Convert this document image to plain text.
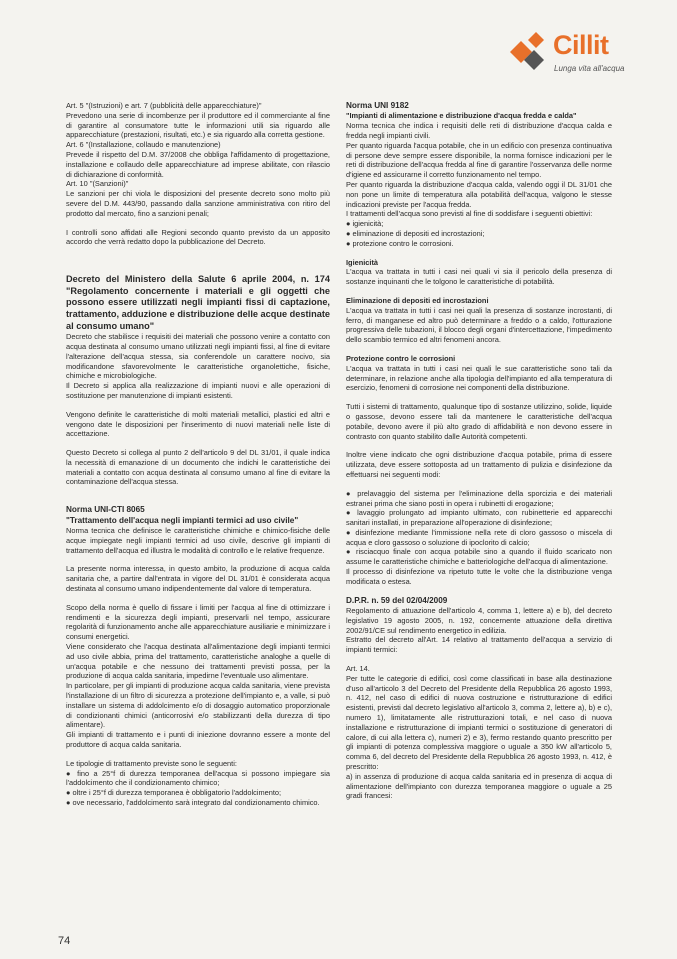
Cillit
Lunga vita all'acqua

Art. 5 "(Istruzioni) e art. 7 (pubblicità delle apparecchiature)"

Prevedono una serie di incombenze per il produttore ed il commerciante al fine di garantire al consumatore tutte le informazioni utili sia riguardo alle apparecchiature (prestazioni, risultati, etc.) e sia riguardo alla corretta gestione.

Art. 6 "(Installazione, collaudo e manutenzione)

Prevede il rispetto del D.M. 37/2008 che obbliga l'affidamento di progettazione, installazione e collaudo delle apparecchiature ad imprese abilitate, con rilascio di dichiarazione di conformità.

Art. 10 "(Sanzioni)"

Le sanzioni per chi viola le disposizioni del presente decreto sono molto più severe del D.M. 443/90, passando dalla sanzione amministrativa con ritiro del prodotto dal mercato, fino a sanzioni penali;

I controlli sono affidati alle Regioni secondo quanto previsto da un apposito accordo che verrà redatto dopo la pubblicazione del Decreto.

Decreto del Ministero della Salute 6 aprile 2004, n. 174 "Regolamento concernente i materiali e gli oggetti che possono essere utilizzati negli impianti fissi di captazione, trattamento, adduzione e distribuzione delle acque destinate al consumo umano"

Decreto che stabilisce i requisiti dei materiali che possono venire a contatto con acqua destinata al consumo umano utilizzati negli impianti fissi, al fine di evitare l'alterazione dell'acqua stessa, sia conferendole un carattere nocivo, sia modificandone sfavorevolmente le caratteristiche organolettiche, fisiche, chimiche e microbiologiche.

Il Decreto si applica alla realizzazione di impianti nuovi e alle operazioni di sostituzione per manutenzione di impianti esistenti.

Vengono definite le caratteristiche di molti materiali metallici, plastici ed altri e vengono date le disposizioni per l'inserimento di nuovi materiali nelle liste di accettazione.

Questo Decreto si collega al punto 2 dell'articolo 9 del DL 31/01, il quale indica la necessità di emanazione di un documento che indichi le caratteristiche dei materiali a contatto con acqua destinata al consumo umano al fine di evitare la contaminazione dell'acqua stessa.

Norma UNI-CTI 8065

"Trattamento dell'acqua negli impianti termici ad uso civile"

Norma tecnica che definisce le caratteristiche chimiche e chimico-fisiche delle acque impiegate negli impianti termici ad uso civile, descrive gli impianti di trattamento dell'acqua ed illustra le modalità di controllo e le relative frequenze.

La presente norma interessa, in questo ambito, la produzione di acqua calda sanitaria che, a partire dall'entrata in vigore del DL 31/01 è considerata acqua destinata al consumo umano indipendentemente dal valore di temperatura.

Scopo della norma è quello di fissare i limiti per l'acqua al fine di ottimizzare i rendimenti e la sicurezza degli impianti, preservarli nel tempo, assicurare regolarità di funzionamento anche alle apparecchiature ausiliarie e minimizzare i consumi energetici.

Viene considerato che l'acqua destinata all'alimentazione degli impianti termici ad uso civile abbia, prima del trattamento, caratteristiche analoghe a quelle di un'acqua potabile e che nessuno dei trattamenti previsti possa, per la produzione di acqua calda sanitaria, impedirne l'eventuale uso alimentare.

In particolare, per gli impianti di produzione acqua calda sanitaria, viene prevista l'installazione di un filtro di sicurezza a protezione dell'impianto e, a valle, si può installare un sistema di addolcimento e/o di dosaggio automatico proporzionale di condizionanti chimici (anticorrosivi e/o stabilizzanti della durezza di tipo alimentare).

Gli impianti di trattamento e i punti di iniezione dovranno essere a monte del produttore di acqua calda sanitaria.

Le tipologie di trattamento previste sono le seguenti:

● fino a 25°f di durezza temporanea dell'acqua si possono impiegare sia l'addolcimento che il condizionamento chimico;

● oltre i 25°f di durezza temporanea è obbligatorio l'addolcimento;

● ove necessario, l'addolcimento sarà integrato dal condizionamento chimico.

Norma UNI 9182

"Impianti di alimentazione e distribuzione d'acqua fredda e calda"

Norma tecnica che indica i requisiti delle reti di distribuzione d'acqua calda e fredda negli impianti civili.

Per quanto riguarda l'acqua potabile, che in un edificio con presenza continuativa di persone deve sempre essere disponibile, la norma fornisce indicazioni per le reti di distribuzione dell'acqua fredda al fine di garantire l'osservanza delle norme d'igiene ed assicurarne il corretto funzionamento nel tempo.

Per quanto riguarda la distribuzione d'acqua calda, valendo oggi il DL 31/01 che non pone un limite di temperatura alla potabilità dell'acqua, valgono le stesse indicazioni previste per l'acqua fredda.

I trattamenti dell'acqua sono previsti al fine di soddisfare i seguenti obiettivi:

● igienicità;

● eliminazione di depositi ed incrostazioni;

● protezione contro le corrosioni.

Igienicità

L'acqua va trattata in tutti i casi nei quali vi sia il pericolo della presenza di sostanze inquinanti che le tolgono le caratteristiche di potabilità.

Eliminazione di depositi ed incrostazioni

L'acqua va trattata in tutti i casi nei quali la presenza di sostanze incrostanti, di ferro, di manganese ed altro può determinare a freddo o a caldo, l'otturazione progressiva delle tubazioni, il blocco degli organi d'intercettazione, l'impedimento dello scambio termico ed altri fenomeni ancora.

Protezione contro le corrosioni

L'acqua va trattata in tutti i casi nei quali le sue caratteristiche sono tali da determinare, in relazione anche alla tipologia dell'impianto ed alla temperatura di esercizio, fenomeni di corrosione nei componenti della distribuzione.

Tutti i sistemi di trattamento, qualunque tipo di sostanze utilizzino, solide, liquide o gassose, devono essere tali da mantenere le caratteristiche dell'acqua potabile, devono avere il più alto grado di affidabilità e non devono essere in contrasto con quanto stabilito dalle Autorità competenti.

Inoltre viene indicato che ogni distribuzione d'acqua potabile, prima di essere utilizzata, deve essere sottoposta ad un trattamento di pulizia e disinfezione da effettuarsi nei seguenti modi:

● prelavaggio del sistema per l'eliminazione della sporcizia e dei materiali estranei prima che siano posti in opera i rubinetti di erogazione;

● lavaggio prolungato ad impianto ultimato, con rubinetterie ed apparecchi sanitari installati, in preparazione all'operazione di disinfezione;

● disinfezione mediante l'immissione nella rete di cloro gassoso o miscela di acqua e cloro gassoso o soluzione di ipoclorito di calcio;

● risciacquo finale con acqua potabile sino a quando il fluido scaricato non assume le caratteristiche chimiche e batteriologiche dell'acqua di alimentazione.

Il processo di disinfezione va ripetuto tutte le volte che la distribuzione venga modificata o estesa.

D.P.R. n. 59 del 02/04/2009

Regolamento di attuazione dell'articolo 4, comma 1, lettere a) e b), del decreto legislativo 19 agosto 2005, n. 192, concernente attuazione della direttiva 2002/91/CE sul rendimento energetico in edilizia.

Estratto del decreto all'Art. 14 relativo al trattamento dell'acqua a servizio di impianti termici:

Art. 14.

Per tutte le categorie di edifici, così come classificati in base alla destinazione d'uso all'articolo 3 del Decreto del Presidente della Repubblica 26 agosto 1993, n. 412, nel caso di edifici di nuova costruzione e ristrutturazione di edifici esistenti, previsti dal decreto legislativo all'articolo 3, comma 2, lettere a), b) e c), numero 1), limitatamente alle ristrutturazioni totali, e nel caso di nuova installazione e ristrutturazione di impianti termici o sostituzione di generatori di calore, di cui alla lettera c), numeri 2) e 3), fermo restando quanto prescritto per gli impianti di potenza complessiva maggiore o uguale a 350 kW all'articolo 5, comma 6, del decreto del Presidente della Repubblica 26 agosto 1993, n. 412, è prescritto:

a) in assenza di produzione di acqua calda sanitaria ed in presenza di acqua di alimentazione dell'impianto con durezza temporanea maggiore o uguale a 25 gradi francesi:

74
